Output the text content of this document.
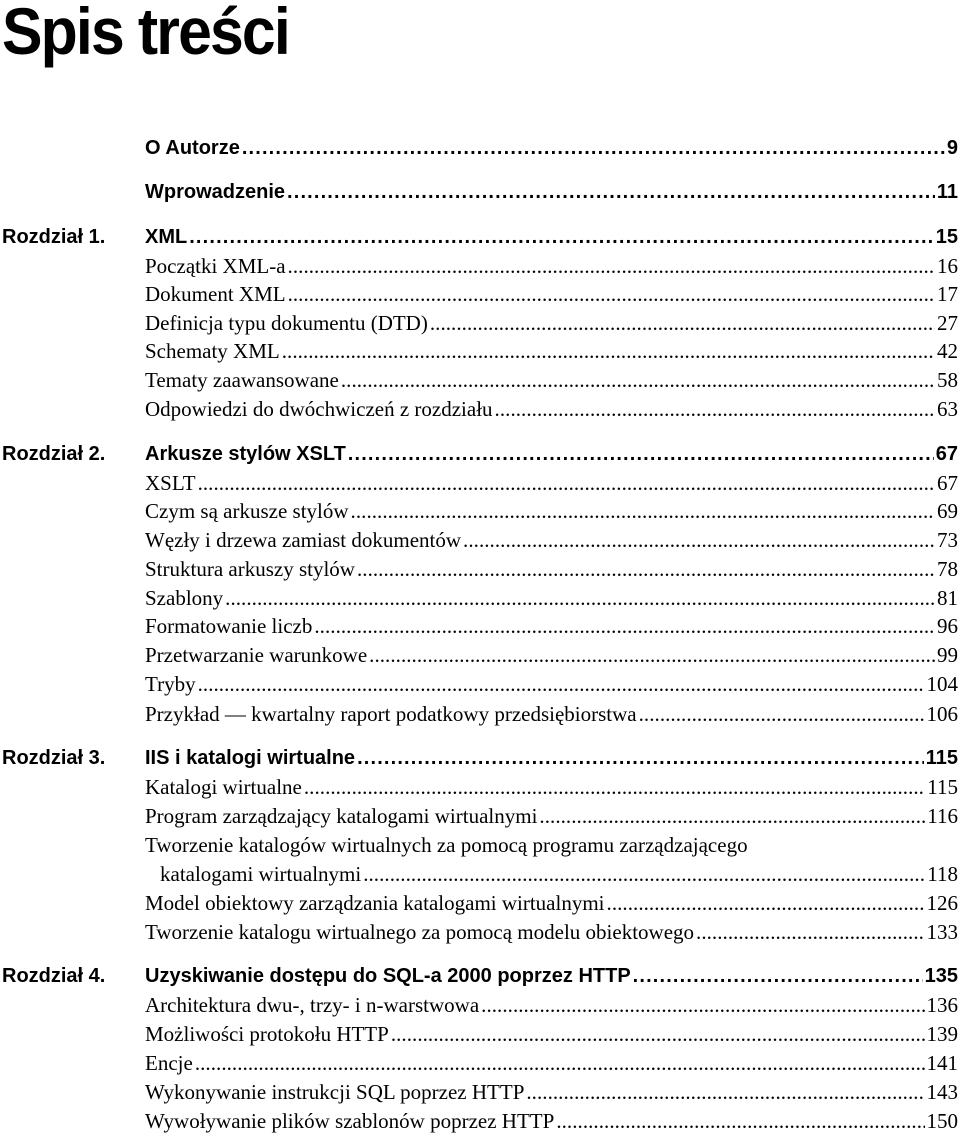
Spis treści
O Autorze . . .	9
Wprowadzenie . . .	11
Rozdział 1. XML . . .	15
Początki XML-a . . .	16
Dokument XML . . .	17
Definicja typu dokumentu (DTD) . . .	27
Schematy XML . . .	42
Tematy zaawansowane . . .	58
Odpowiedzi do dwóchwiczeń z rozdziału . . .	63
Rozdział 2. Arkusze stylów XSLT . . .	67
XSLT . . .	67
Czym są arkusze stylów . . .	69
Węzły i drzewa zamiast dokumentów . . .	73
Struktura arkuszy stylów . . .	78
Szablony . . .	81
Formatowanie liczb . . .	96
Przetwarzanie warunkowe . . .	99
Tryby . . .	104
Przykład — kwartalny raport podatkowy przedsiębiorstwa . . .	106
Rozdział 3. IIS i katalogi wirtualne . . .	115
Katalogi wirtualne . . .	115
Program zarządzający katalogami wirtualnymi . . .	116
Tworzenie katalogów wirtualnych za pomocą programu zarządzającego
katalogami wirtualnymi . . .	118
Model obiektowy zarządzania katalogami wirtualnymi . . .	126
Tworzenie katalogu wirtualnego za pomocą modelu obiektowego . . .	133
Rozdział 4. Uzyskiwanie dostępu do SQL-a 2000 poprzez HTTP . . .	135
Architektura dwu-, trzy- i n-warstwowa . . .	136
Możliwości protokołu HTTP . . .	139
Encje . . .	141
Wykonywanie instrukcji SQL poprzez HTTP . . .	143
Wywoływanie plików szablonów poprzez HTTP . . .	150
